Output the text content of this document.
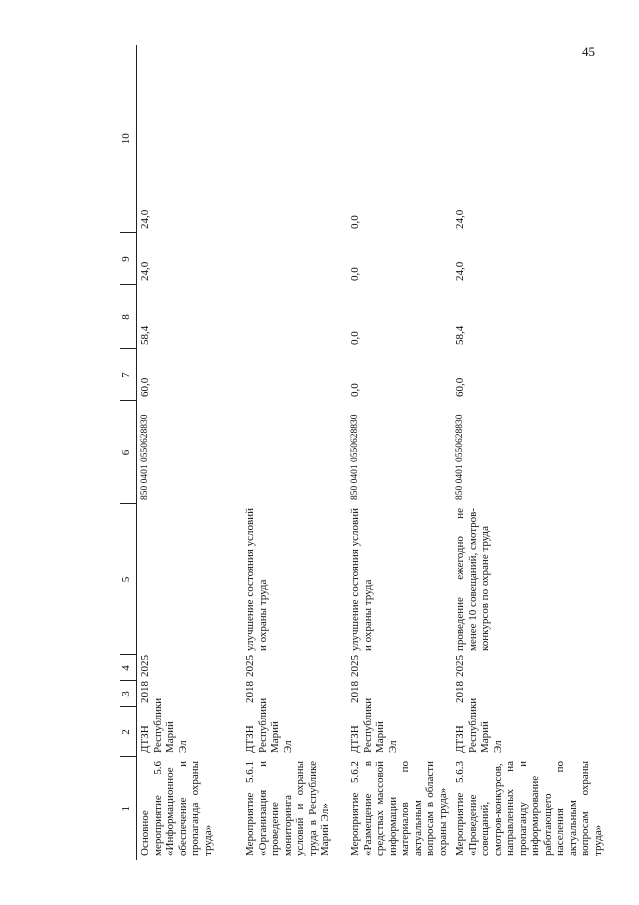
45
1	2	3	4	5	6	7	8	9	10
Основное мероприятие 5.6 «Информационное обеспечение и пропаганда охраны труда»	ДТЗН Республики Марий Эл	2018	2025		850 0401 0550628830	60,0	58,4	24,0	24,0
Мероприятие 5.6.1 «Организация и проведение мониторинга условий и охраны труда в Республике Марий Эл»	ДТЗН Республики Марий Эл	2018	2025	улучшение состояния условий и охраны труда					
Мероприятие 5.6.2 «Размещение в средствах массовой информации материалов по актуальным вопросам в области охраны труда»	ДТЗН Республики Марий Эл	2018	2025	улучшение состояния условий и охраны труда	850 0401 0550628830	0,0	0,0	0,0	0,0
Мероприятие 5.6.3 «Проведение совещаний, смотров-конкурсов, направленных на пропаганду и информирование работающего населения по актуальным вопросам охраны труда»	ДТЗН Республики Марий Эл	2018	2025	проведение ежегодно не менее 10 совещаний, смотров-конкурсов по охране труда	850 0401 0550628830	60,0	58,4	24,0	24,0
